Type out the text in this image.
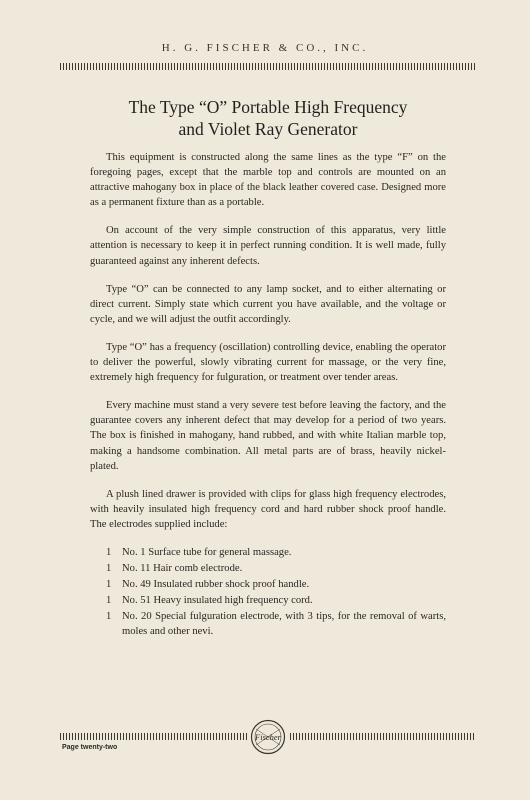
H. G. FISCHER & CO., INC.
The Type “O” Portable High Frequency
and Violet Ray Generator

This equipment is constructed along the same lines as the type “F” on the foregoing pages, except that the marble top and controls are mounted on an attractive mahogany box in place of the black leather covered case. Designed more as a permanent fixture than as a portable.

On account of the very simple construction of this apparatus, very little attention is necessary to keep it in perfect running condition. It is well made, fully guaranteed against any inherent defects.

Type “O” can be connected to any lamp socket, and to either alternating or direct current. Simply state which current you have available, and the voltage or cycle, and we will adjust the outfit accordingly.

Type “O” has a frequency (oscillation) controlling device, enabling the operator to deliver the powerful, slowly vibrating current for massage, or the very fine, extremely high frequency for fulguration, or treatment over tender areas.

Every machine must stand a very severe test before leaving the factory, and the guarantee covers any inherent defect that may develop for a period of two years. The box is finished in mahogany, hand rubbed, and with white Italian marble top, making a handsome combination. All metal parts are of brass, heavily nickel-plated.

A plush lined drawer is provided with clips for glass high frequency electrodes, with heavily insulated high frequency cord and hard rubber shock proof handle. The electrodes supplied include:

1 No. 1 Surface tube for general massage.
1 No. 11 Hair comb electrode.
1 No. 49 Insulated rubber shock proof handle.
1 No. 51 Heavy insulated high frequency cord.
1 No. 20 Special fulguration electrode, with 3 tips, for the removal of warts, moles and other nevi.
Fischer
Page twenty-two
